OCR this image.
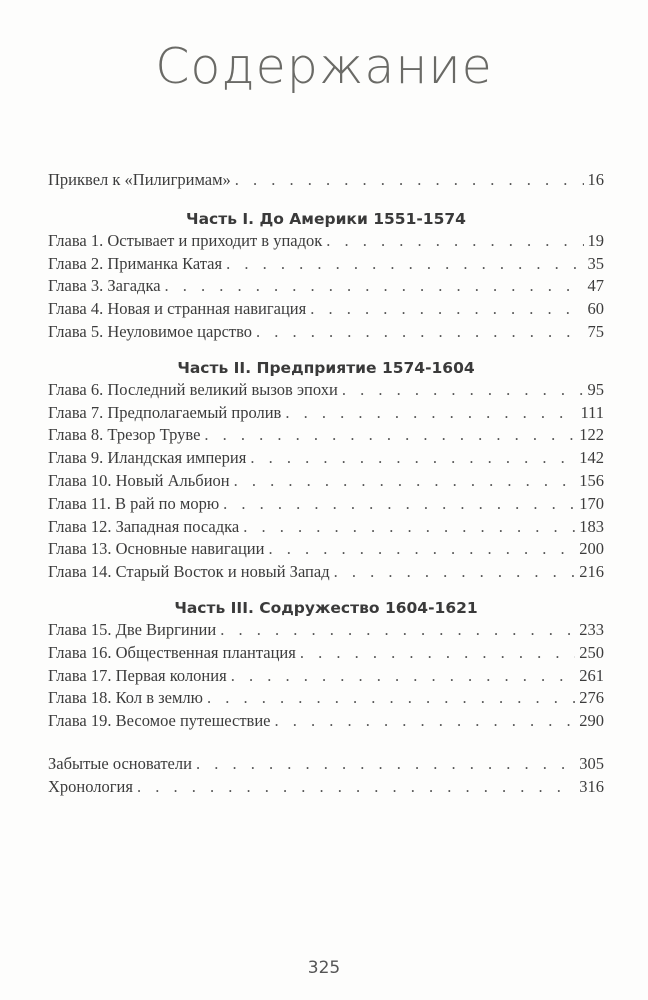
Содержание
Приквел к «Пилигримам» . . .	16
Часть I. До Америки 1551-1574
Глава 1. Остывает и приходит в упадок . . .	19
Глава 2. Приманка Катая . . .	35
Глава 3. Загадка . . .	47
Глава 4. Новая и странная навигация . . .	60
Глава 5. Неуловимое царство . . .	75
Часть II. Предприятие 1574-1604
Глава 6. Последний великий вызов эпохи . . .	95
Глава 7. Предполагаемый пролив . . .	111
Глава 8. Трезор Труве . . .	122
Глава 9. Иландская империя . . .	142
Глава 10. Новый Альбион . . .	156
Глава 11. В рай по морю . . .	170
Глава 12. Западная посадка . . .	183
Глава 13. Основные навигации . . .	200
Глава 14. Старый Восток и новый Запад . . .	216
Часть III. Содружество 1604-1621
Глава 15. Две Виргинии . . .	233
Глава 16. Общественная плантация . . .	250
Глава 17. Первая колония . . .	261
Глава 18. Кол в землю . . .	276
Глава 19. Весомое путешествие . . .	290
Забытые основатели . . .	305
Хронология . . .	316
325
